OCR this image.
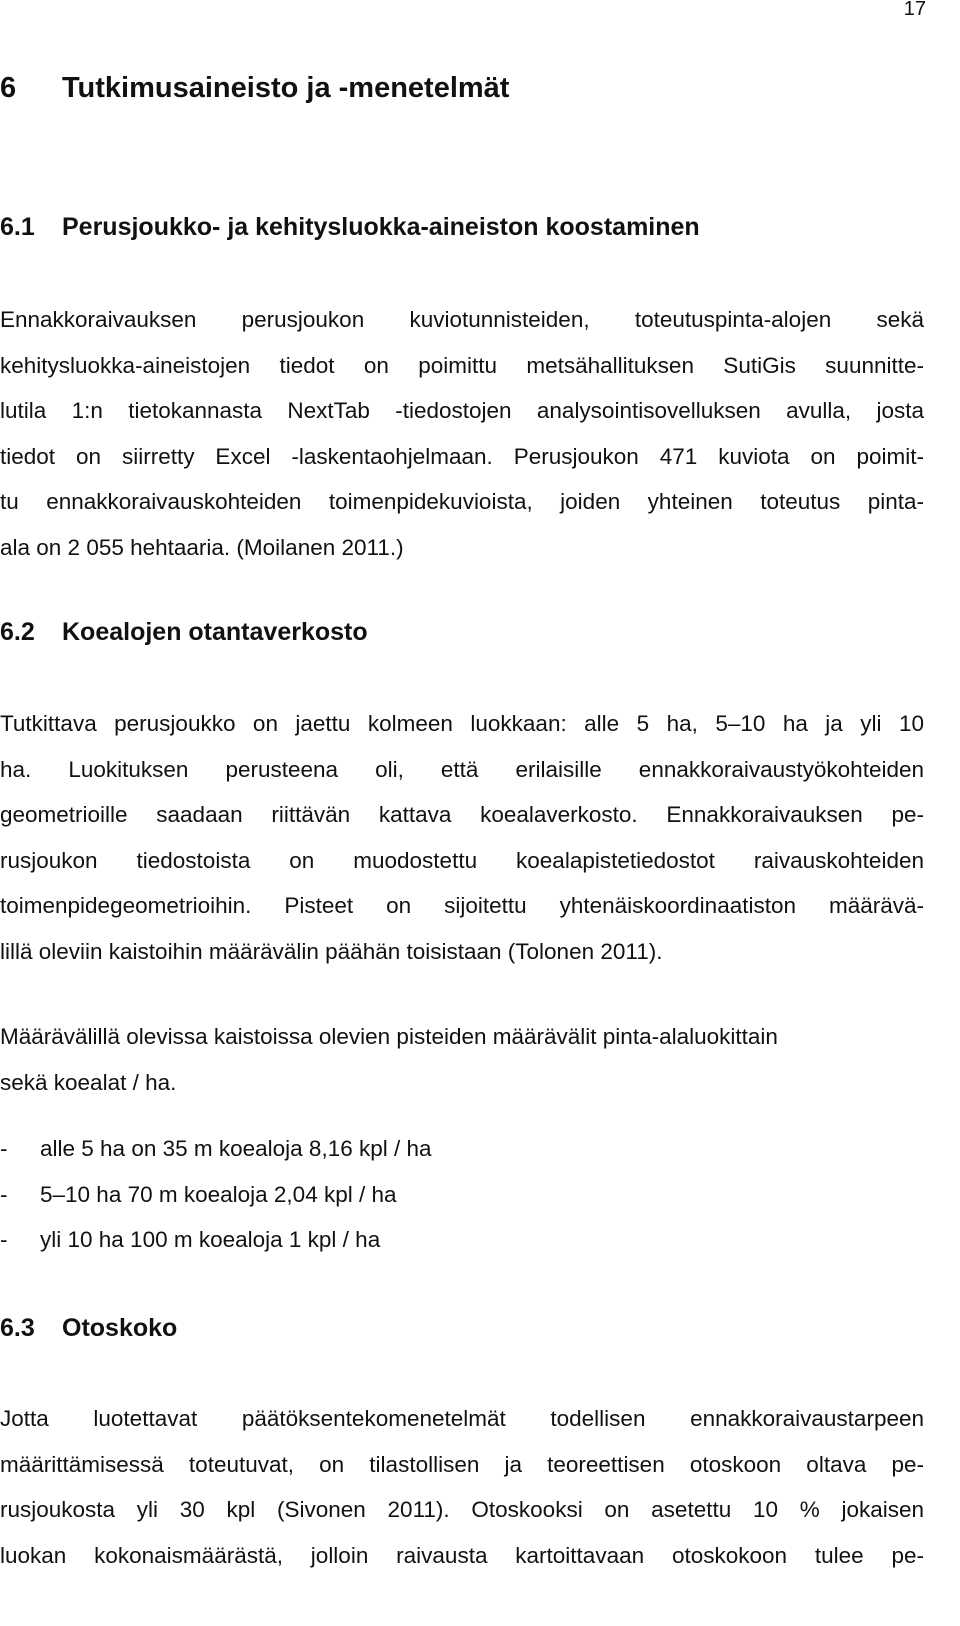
17

6 Tutkimusaineisto ja -menetelmät
6.1 Perusjoukko- ja kehitysluokka-aineiston koostaminen
Ennakkoraivauksen perusjoukon kuviotunnisteiden, toteutuspinta-alojen sekä
kehitysluokka-aineistojen tiedot on poimittu metsähallituksen SutiGis suunnitte-
lutila 1:n tietokannasta NextTab -tiedostojen analysointisovelluksen avulla, josta
tiedot on siirretty Excel -laskentaohjelmaan. Perusjoukon 471 kuviota on poimit-
tu ennakkoraivauskohteiden toimenpidekuvioista, joiden yhteinen toteutus pinta-
ala on 2 055 hehtaaria. (Moilanen 2011.)
6.2 Koealojen otantaverkosto
Tutkittava perusjoukko on jaettu kolmeen luokkaan: alle 5 ha, 5–10 ha ja yli 10
ha. Luokituksen perusteena oli, että erilaisille ennakkoraivaustyökohteiden
geometrioille saadaan riittävän kattava koealaverkosto. Ennakkoraivauksen pe-
rusjoukon tiedostoista on muodostettu koealapistetiedostot raivauskohteiden
toimenpidegeometrioihin. Pisteet on sijoitettu yhtenäiskoordinaatiston määrävä-
lillä oleviin kaistoihin määrävälin päähän toisistaan (Tolonen 2011).
Määrävälillä olevissa kaistoissa olevien pisteiden määrävälit pinta-alaluokittain
sekä koealat / ha.
-	alle 5 ha on 35 m koealoja 8,16 kpl / ha
-	5–10 ha 70 m koealoja 2,04 kpl / ha
-	yli 10 ha 100 m koealoja 1 kpl / ha
6.3 Otoskoko
Jotta luotettavat päätöksentekomenetelmät todellisen ennakkoraivaustarpeen
määrittämisessä toteutuvat, on tilastollisen ja teoreettisen otoskoon oltava pe-
rusjoukosta yli 30 kpl (Sivonen 2011). Otoskooksi on asetettu 10 % jokaisen
luokan kokonaismäärästä, jolloin raivausta kartoittavaan otoskokoon tulee pe-
